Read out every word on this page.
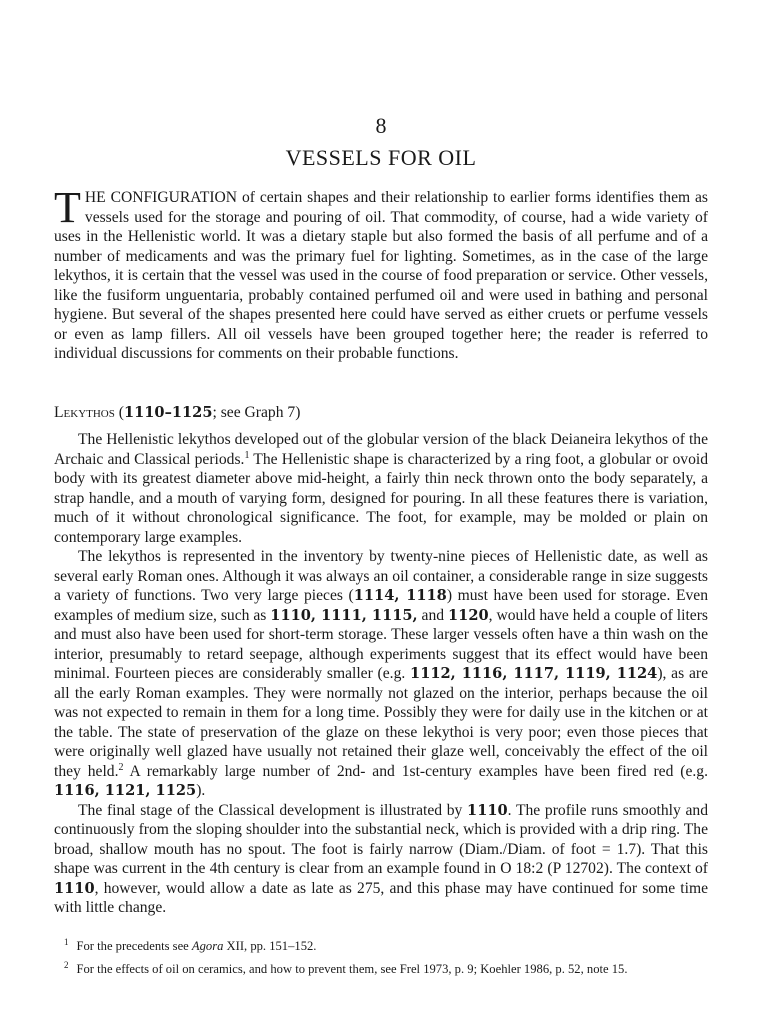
8
VESSELS FOR OIL
THE CONFIGURATION of certain shapes and their relationship to earlier forms identifies them as vessels used for the storage and pouring of oil. That commodity, of course, had a wide variety of uses in the Hellenistic world. It was a dietary staple but also formed the basis of all perfume and of a number of medicaments and was the primary fuel for lighting. Sometimes, as in the case of the large lekythos, it is certain that the vessel was used in the course of food preparation or service. Other vessels, like the fusiform unguentaria, probably contained perfumed oil and were used in bathing and personal hygiene. But several of the shapes presented here could have served as either cruets or perfume vessels or even as lamp fillers. All oil vessels have been grouped together here; the reader is referred to individual discussions for comments on their probable functions.
Lekythos (1110–1125; see Graph 7)

The Hellenistic lekythos developed out of the globular version of the black Deianeira lekythos of the Archaic and Classical periods.$^1$ The Hellenistic shape is characterized by a ring foot, a globular or ovoid body with its greatest diameter above mid-height, a fairly thin neck thrown onto the body separately, a strap handle, and a mouth of varying form, designed for pouring. In all these features there is variation, much of it without chronological significance. The foot, for example, may be molded or plain on contemporary large examples.

The lekythos is represented in the inventory by twenty-nine pieces of Hellenistic date, as well as several early Roman ones. Although it was always an oil container, a considerable range in size suggests a variety of functions. Two very large pieces (1114, 1118) must have been used for storage. Even examples of medium size, such as 1110, 1111, 1115, and 1120, would have held a couple of liters and must also have been used for short-term storage. These larger vessels often have a thin wash on the interior, presumably to retard seepage, although experiments suggest that its effect would have been minimal. Fourteen pieces are considerably smaller (e.g. 1112, 1116, 1117, 1119, 1124), as are all the early Roman examples. They were normally not glazed on the interior, perhaps because the oil was not expected to remain in them for a long time. Possibly they were for daily use in the kitchen or at the table. The state of preservation of the glaze on these lekythoi is very poor; even those pieces that were originally well glazed have usually not retained their glaze well, conceivably the effect of the oil they held.$^2$ A remarkably large number of 2nd- and 1st-century examples have been fired red (e.g. 1116, 1121, 1125).

The final stage of the Classical development is illustrated by 1110. The profile runs smoothly and continuously from the sloping shoulder into the substantial neck, which is provided with a drip ring. The broad, shallow mouth has no spout. The foot is fairly narrow (Diam./Diam. of foot = 1.7). That this shape was current in the 4th century is clear from an example found in O 18:2 (P 12702). The context of 1110, however, would allow a date as late as 275, and this phase may have continued for some time with little change.

$^1$ For the precedents see Agora XII, pp. 151–152.
$^2$ For the effects of oil on ceramics, and how to prevent them, see Frel 1973, p. 9; Koehler 1986, p. 52, note 15.
